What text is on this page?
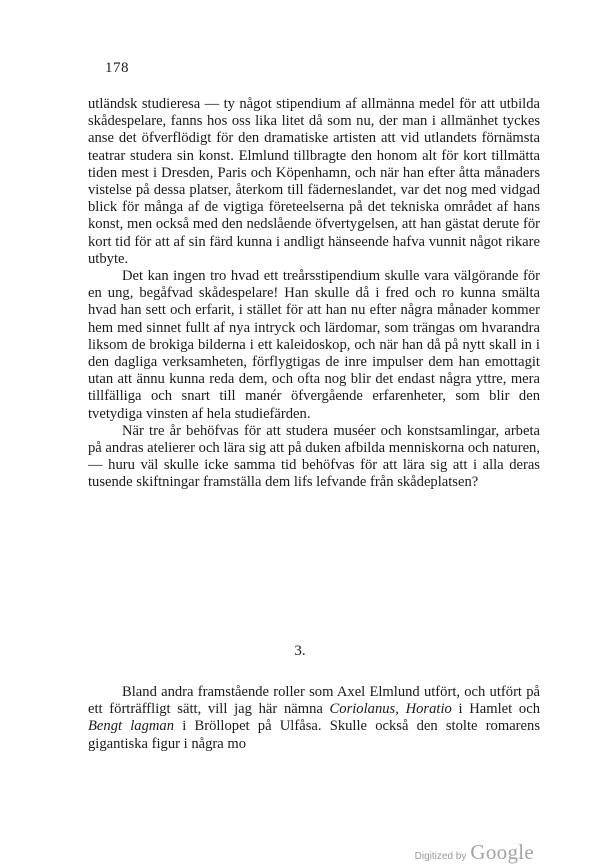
178

utländsk studieresa — ty något stipendium af allmänna medel för att utbilda skådespelare, fanns hos oss lika litet då som nu, der man i allmänhet tyckes anse det öfverflödigt för den dramatiske artisten att vid utlandets förnämsta teatrar studera sin konst. Elmlund tillbragte den honom alt för kort tillmätta tiden mest i Dresden, Paris och Köpenhamn, och när han efter åtta månaders vistelse på dessa platser, återkom till fäderneslandet, var det nog med vidgad blick för många af de vigtiga företeelserna på det tekniska området af hans konst, men också med den nedslående öfvertygelsen, att han gästat derute för kort tid för att af sin färd kunna i andligt hänseende hafva vunnit något rikare utbyte.

Det kan ingen tro hvad ett treårsstipendium skulle vara välgörande för en ung, begåfvad skådespelare! Han skulle då i fred och ro kunna smälta hvad han sett och erfarit, i stället för att han nu efter några månader kommer hem med sinnet fullt af nya intryck och lärdomar, som trängas om hvarandra liksom de brokiga bilderna i ett kaleidoskop, och när han då på nytt skall in i den dagliga verksamheten, förflygtigas de inre impulser dem han emottagit utan att ännu kunna reda dem, och ofta nog blir det endast några yttre, mera tillfälliga och snart till manér öfvergående erfarenheter, som blir den tvetydiga vinsten af hela studiefärden.

När tre år behöfvas för att studera muséer och konstsamlingar, arbeta på andras atelierer och lära sig att på duken afbilda menniskorna och naturen, — huru väl skulle icke samma tid behöfvas för att lära sig att i alla deras tusende skiftningar framställa dem lifs lefvande från skådeplatsen?

3.

Bland andra framstående roller som Axel Elmlund utfört, och utfört på ett förträffligt sätt, vill jag här nämna Coriolanus, Horatio i Hamlet och Bengt lagman i Bröllopet på Ulfåsa. Skulle också den stolte romarens gigantiska figur i några mo

Digitized by Google
